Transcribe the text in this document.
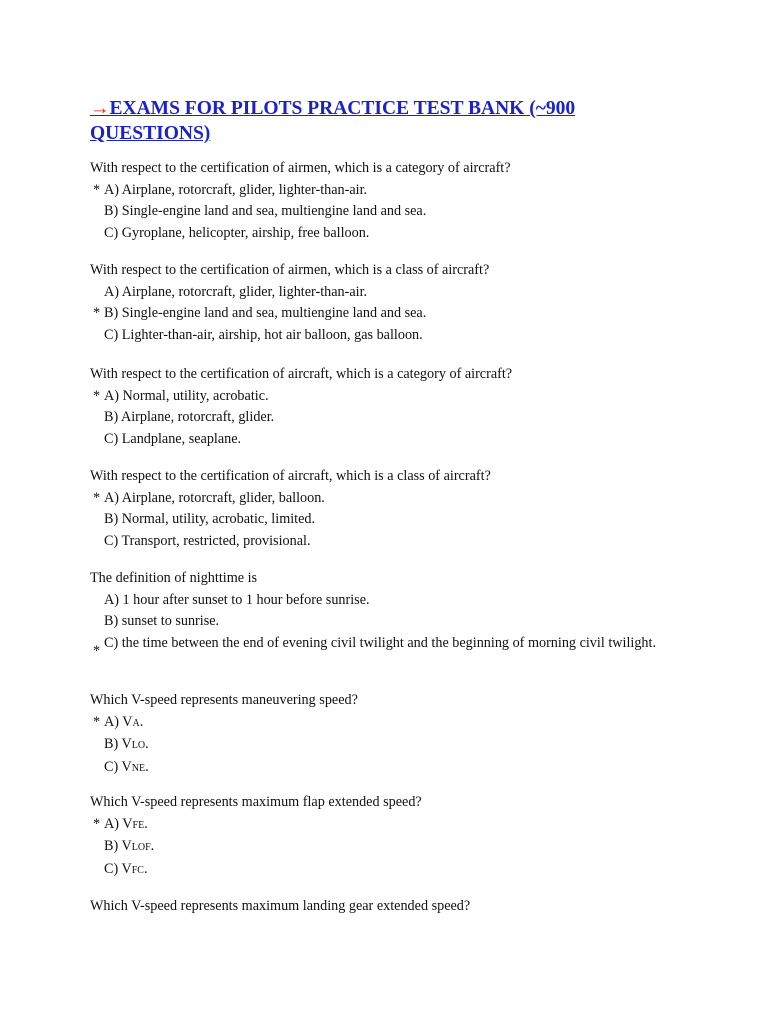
→EXAMS FOR PILOTS PRACTICE TEST BANK (~900 QUESTIONS)

With respect to the certification of airmen, which is a category of aircraft?

* A) Airplane, rotorcraft, glider, lighter-than-air.
B) Single-engine land and sea, multiengine land and sea.
C) Gyroplane, helicopter, airship, free balloon.

With respect to the certification of airmen, which is a class of aircraft?

A) Airplane, rotorcraft, glider, lighter-than-air.
* B) Single-engine land and sea, multiengine land and sea.
C) Lighter-than-air, airship, hot air balloon, gas balloon.

With respect to the certification of aircraft, which is a category of aircraft?

* A) Normal, utility, acrobatic.
B) Airplane, rotorcraft, glider.
C) Landplane, seaplane.

With respect to the certification of aircraft, which is a class of aircraft?

* A) Airplane, rotorcraft, glider, balloon.
B) Normal, utility, acrobatic, limited.
C) Transport, restricted, provisional.

The definition of nighttime is

A) 1 hour after sunset to 1 hour before sunrise.
B) sunset to sunrise.
* C) the time between the end of evening civil twilight and the beginning of morning civil twilight.

Which V-speed represents maneuvering speed?

* A) VA.
B) VLO.
C) VNE.

Which V-speed represents maximum flap extended speed?

* A) VFE.
B) VLOF.
C) VFC.

Which V-speed represents maximum landing gear extended speed?
